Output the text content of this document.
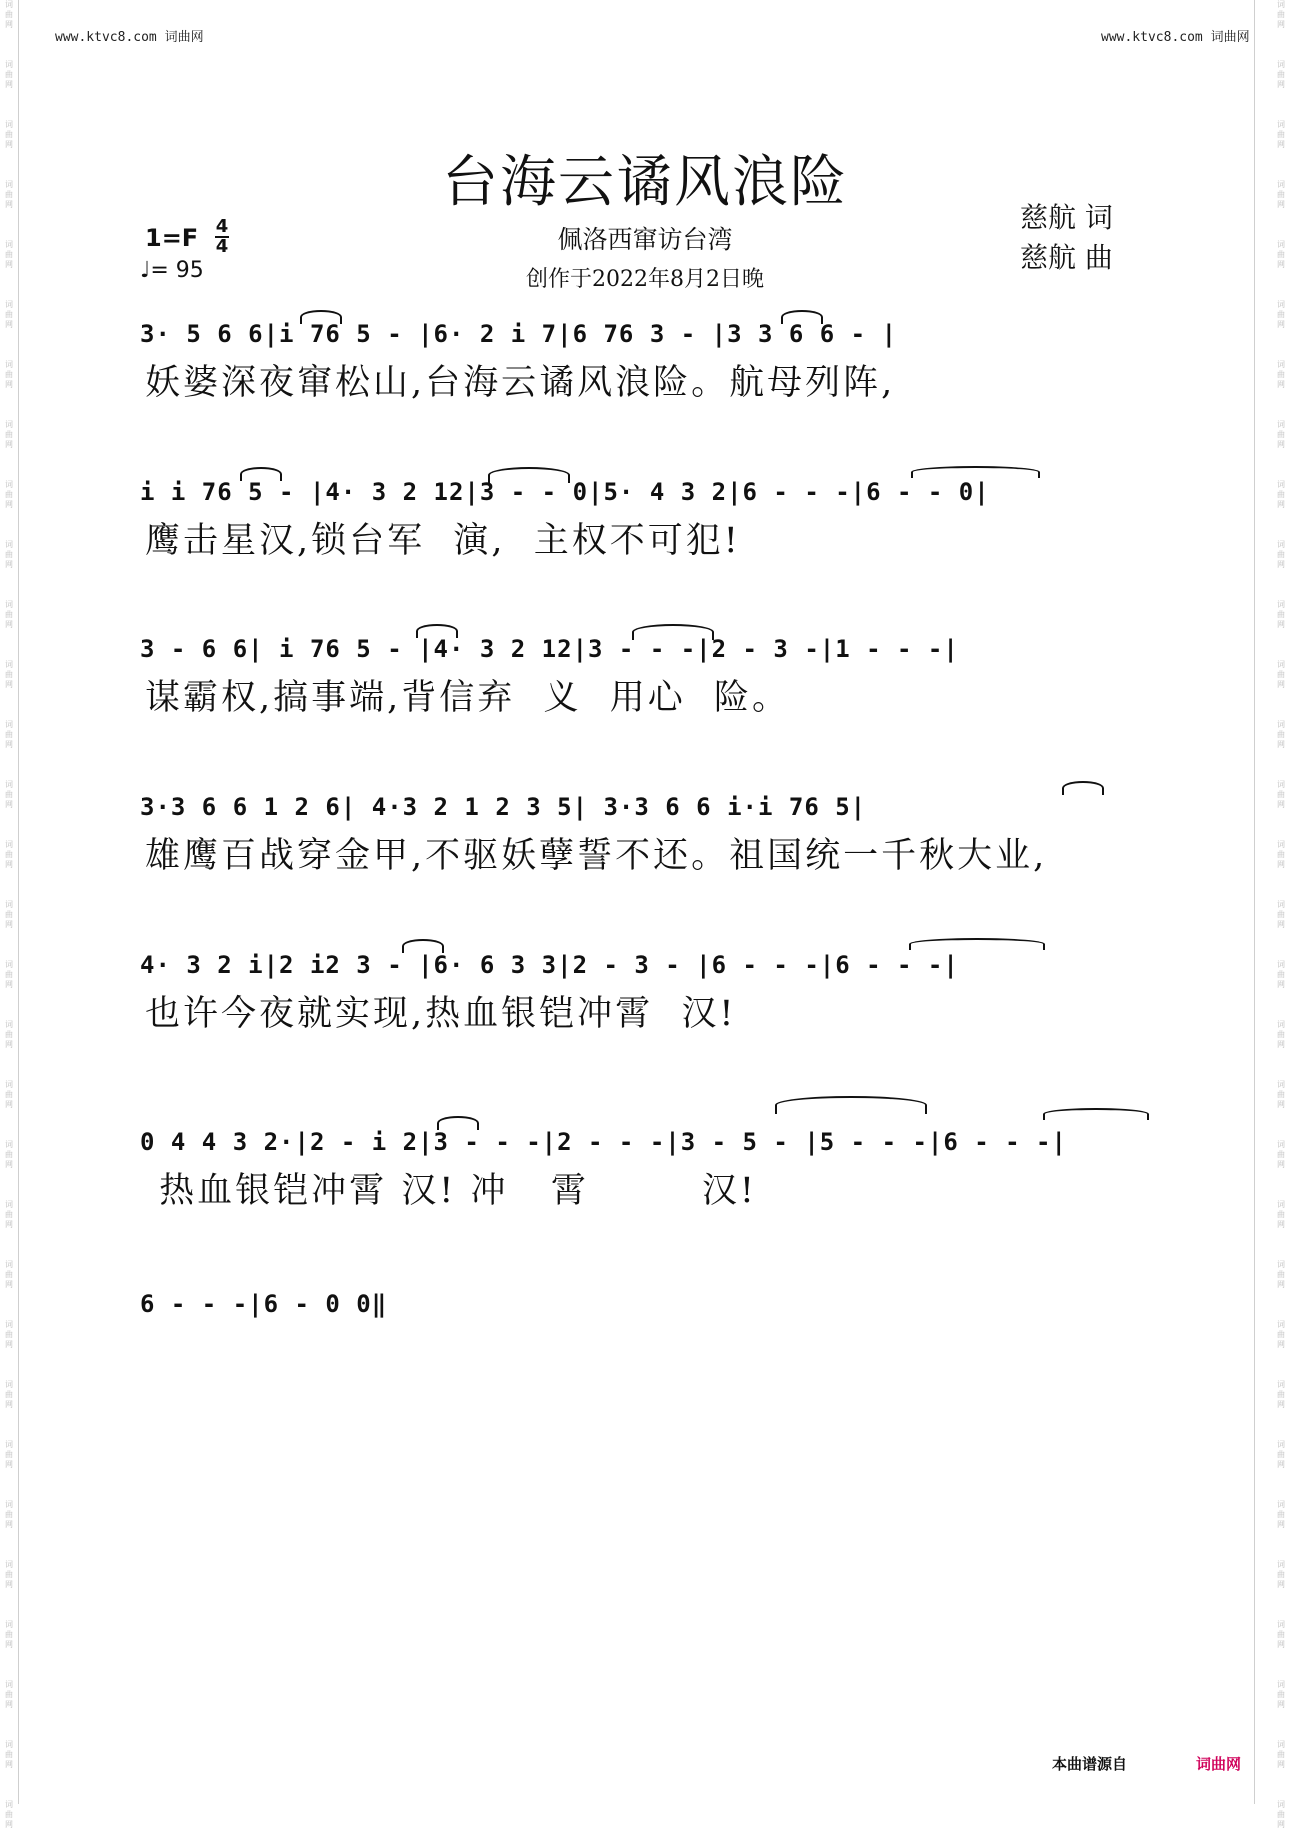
词
曲
网
词
曲
网
词
曲
网
词
曲
网
词
曲
网
词
曲
网
词
曲
网
词
曲
网
词
曲
网
词
曲
网
词
曲
网
词
曲
网
词
曲
网
词
曲
网
词
曲
网
词
曲
网
词
曲
网
词
曲
网
词
曲
网
词
曲
网
词
曲
网
词
曲
网
词
曲
网
词
曲
网
词
曲
网
词
曲
网
词
曲
网
词
曲
网
词
曲
网
词
曲
网
词
曲
网
词
曲
网
词
曲
网
词
曲
网
词
曲
网
词
曲
网
词
曲
网
词
曲
网
词
曲
网
词
曲
网
词
曲
网
词
曲
网
词
曲
网
词
曲
网
词
曲
网
词
曲
网
词
曲
网
词
曲
网
词
曲
网
词
曲
网
词
曲
网
词
曲
网
词
曲
网
词
曲
网
词
曲
网
词
曲
网
词
曲
网
词
曲
网
词
曲
网
词
曲
网
词
曲
网
词
曲
网
www.ktvc8.com 词曲网	www.ktvc8.com 词曲网
台海云谲风浪险
1=F 4
4
♩= 95
佩洛西窜访台湾
创作于2022年8月2日晚
慈航 词
慈航 曲
3· 5 6 6|i 76 5 - |6· 2 i 7|6 76 3 - |3 3 6 6 - |
妖婆深夜窜松山,台海云谲风浪险。航母列阵,
i i 76 5 - |4· 3 2 12|3 - - 0|5· 4 3 2|6 - - -|6 - - 0|
鹰击星汉,锁台军  演,  主权不可犯!
3 - 6 6| i 76 5 - |4· 3 2 12|3 - - -|2 - 3 -|1 - - -|
谋霸权,搞事端,背信弃  义  用心  险。
3·3 6 6 1 2 6| 4·3 2 1 2 3 5| 3·3 6 6 i·i 76 5|
雄鹰百战穿金甲,不驱妖孽誓不还。祖国统一千秋大业,
4· 3 2 i|2 i2 3 - |6· 6 3 3|2 - 3 - |6 - - -|6 - - -|
也许今夜就实现,热血银铠冲霄  汉!
0 4 4 3 2·|2 - i 2|3 - - -|2 - - -|3 - 5 - |5 - - -|6 - - -|
热血银铠冲霄 汉! 冲   霄        汉!
6 - - -|6 - 0 0‖
本曲谱源自	词曲网
